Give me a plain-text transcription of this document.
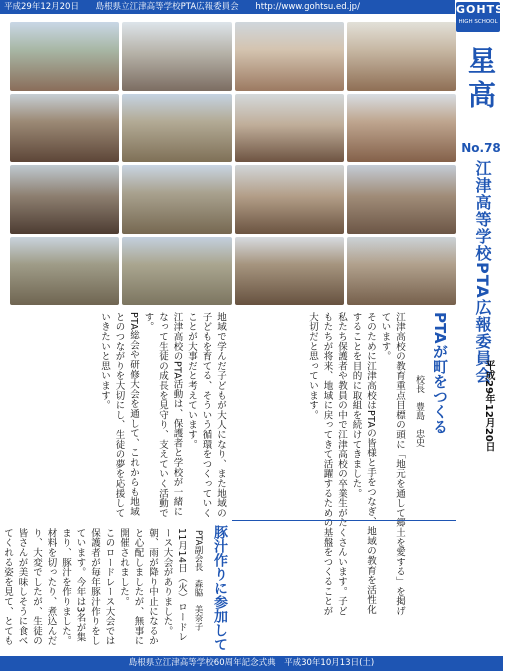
平成29年12月20日 島根県立江津高等学校PTA広報委員会 http://www.gohtsu.ed.jp/	GOHTSU
HIGH SCHOOL
星高
No.78
江津高等学校PTA広報委員会
平成29年12月20日
PTAが町をつくる
校長　豊島　忠史

江津高校の教育重点目標の頭に「地元を通して郷土を愛する」を掲げています。

そのために江津高校はPTAの皆様と手をつなぎ、地域の教育を活性化することを目的に取組を続けてきました。

私たち保護者や教員の中で江津高校の卒業生がたくさんいます。子どもたちが将来、地域に戻ってきて活躍するための基盤をつくることが大切だと思っています。

地域で学んだ子どもが大人になり、また地域の子どもを育てる、そういう循環をつくっていくことが大事だと考えています。

江津高校のPTA活動は、保護者と学校が一緒になって生徒の成長を見守り、支えていく活動です。

PTA総会や研修大会を通して、これからも地域とのつながりを大切にし、生徒の夢を応援していきたいと思います。

豚汁作りに参加して
PTA副会長　森脇　美奈子

11月14日（火）ロードレース大会がありました。朝、雨が降り中止になるかと心配しましたが、無事に開催されました。

このロードレース大会では保護者が毎年豚汁作りをしています。今年は3名が集まり、豚汁を作りました。

材料を切ったり、煮込んだり、大変でしたが、生徒の皆さんが美味しそうに食べてくれる姿を見て、とても

島根県立江津高等学校60周年記念式典　平成30年10月13日(土)
